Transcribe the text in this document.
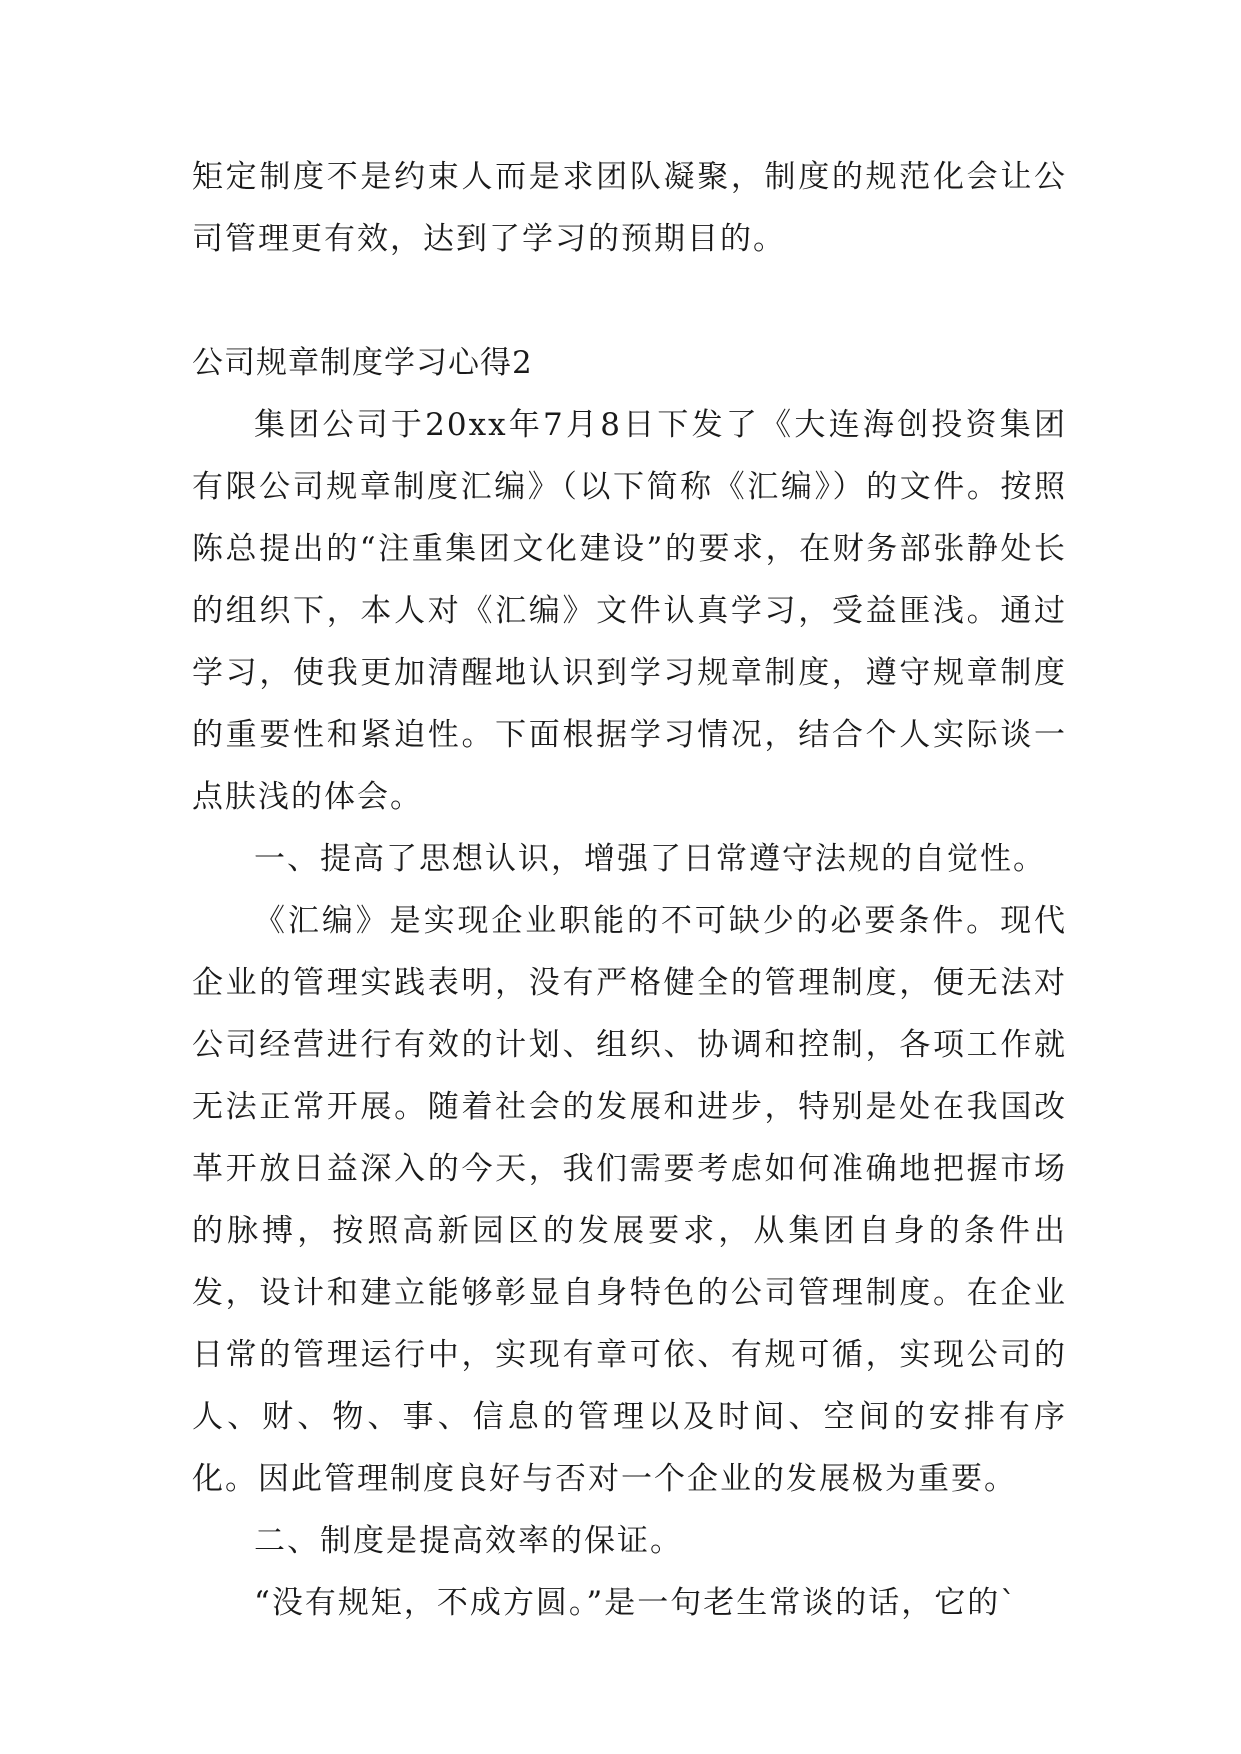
矩定制度不是约束人而是求团队凝聚，制度的规范化会让公司管理更有效，达到了学习的预期目的。

公司规章制度学习心得2

集团公司于20xx年7月8日下发了《大连海创投资集团有限公司规章制度汇编》（以下简称《汇编》）的文件。按照陈总提出的“注重集团文化建设”的要求，在财务部张静处长的组织下，本人对《汇编》文件认真学习，受益匪浅。通过学习，使我更加清醒地认识到学习规章制度，遵守规章制度的重要性和紧迫性。下面根据学习情况，结合个人实际谈一点肤浅的体会。

一、提高了思想认识，增强了日常遵守法规的自觉性。

《汇编》是实现企业职能的不可缺少的必要条件。现代企业的管理实践表明，没有严格健全的管理制度，便无法对公司经营进行有效的计划、组织、协调和控制，各项工作就无法正常开展。随着社会的发展和进步，特别是处在我国改革开放日益深入的今天，我们需要考虑如何准确地把握市场的脉搏，按照高新园区的发展要求，从集团自身的条件出发，设计和建立能够彰显自身特色的公司管理制度。在企业日常的管理运行中，实现有章可依、有规可循，实现公司的人、财、物、事、信息的管理以及时间、空间的安排有序化。因此管理制度良好与否对一个企业的发展极为重要。

二、制度是提高效率的保证。

“没有规矩，不成方圆。”是一句老生常谈的话，它的`
